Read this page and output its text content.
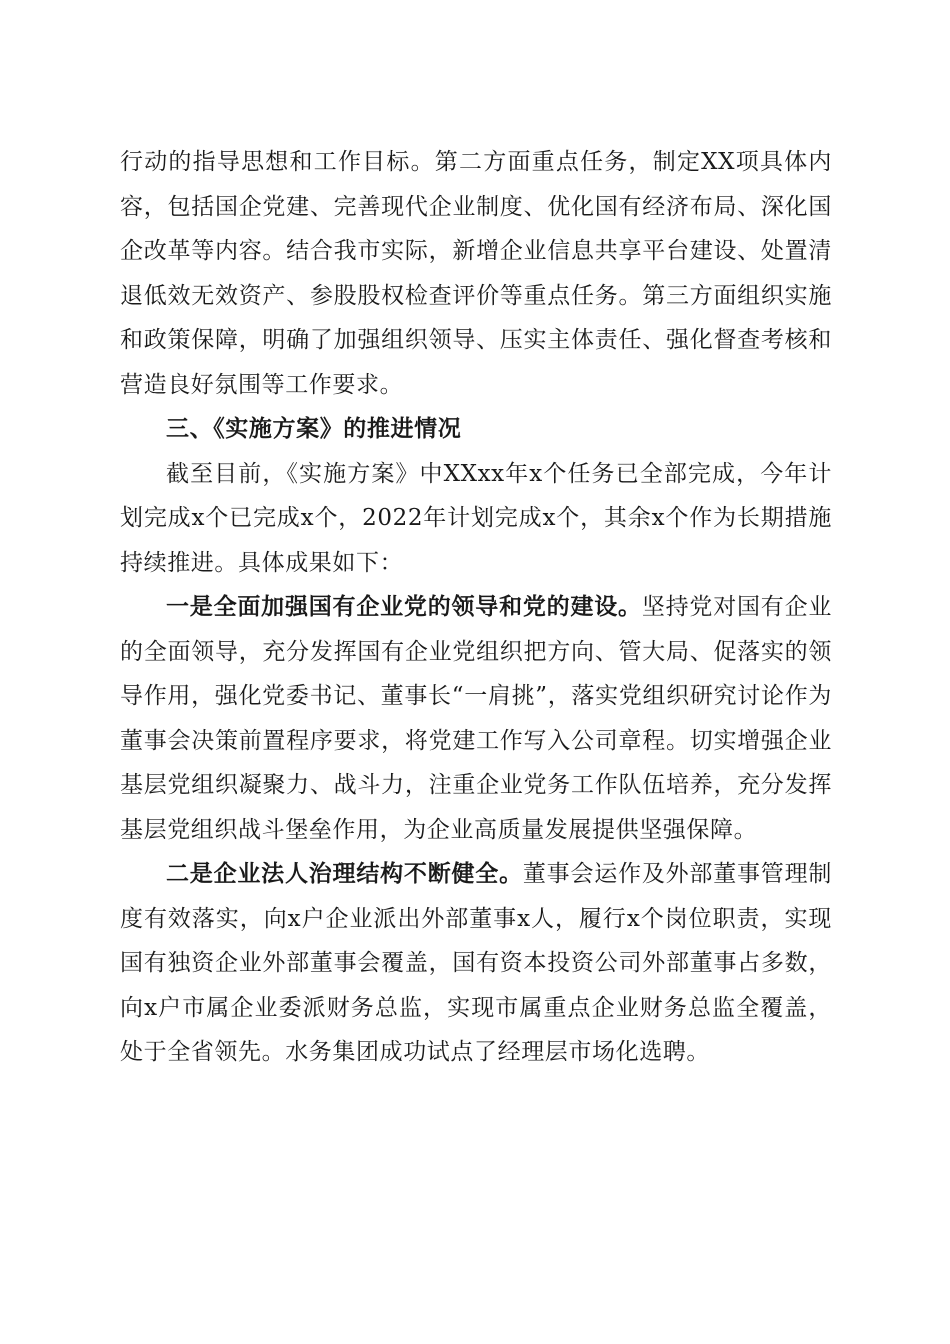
行动的指导思想和工作目标。第二方面重点任务，制定XX项具体内容，包括国企党建、完善现代企业制度、优化国有经济布局、深化国企改革等内容。结合我市实际，新增企业信息共享平台建设、处置清退低效无效资产、参股股权检查评价等重点任务。第三方面组织实施和政策保障，明确了加强组织领导、压实主体责任、强化督查考核和营造良好氛围等工作要求。

三、《实施方案》的推进情况

截至目前，《实施方案》中XXxx年x个任务已全部完成，今年计划完成x个已完成x个，2022年计划完成x个，其余x个作为长期措施持续推进。具体成果如下：

一是全面加强国有企业党的领导和党的建设。坚持党对国有企业的全面领导，充分发挥国有企业党组织把方向、管大局、促落实的领导作用，强化党委书记、董事长“一肩挑”，落实党组织研究讨论作为董事会决策前置程序要求，将党建工作写入公司章程。切实增强企业基层党组织凝聚力、战斗力，注重企业党务工作队伍培养，充分发挥基层党组织战斗堡垒作用，为企业高质量发展提供坚强保障。

二是企业法人治理结构不断健全。董事会运作及外部董事管理制度有效落实，向x户企业派出外部董事x人，履行x个岗位职责，实现国有独资企业外部董事会覆盖，国有资本投资公司外部董事占多数，向x户市属企业委派财务总监，实现市属重点企业财务总监全覆盖，处于全省领先。水务集团成功试点了经理层市场化选聘。
